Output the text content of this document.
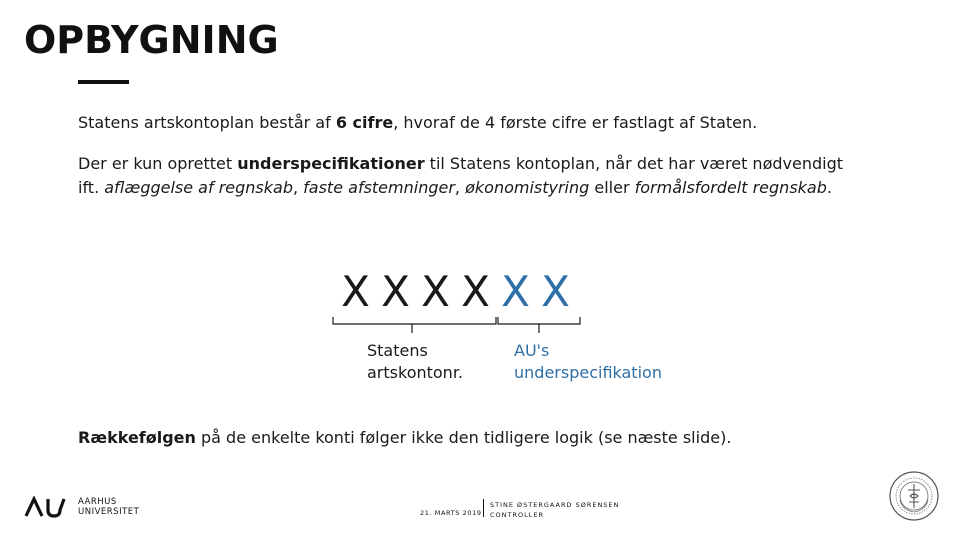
OPBYGNING

Statens artskontoplan består af 6 cifre, hvoraf de 4 første cifre er fastlagt af Staten.

Der er kun oprettet underspecifikationer til Statens kontoplan, når det har været nødvendigt ift. aflæggelse af regnskab, faste afstemninger, økonomistyring eller formålsfordelt regnskab.

X X X X X X
Statens
artskontonr.
AU's
underspecifikation

Rækkefølgen på de enkelte konti følger ikke den tidligere logik (se næste slide).

AARHUS
UNIVERSITET	21. MARTS 2019
STINE ØSTERGAARD SØRENSEN
CONTROLLER
